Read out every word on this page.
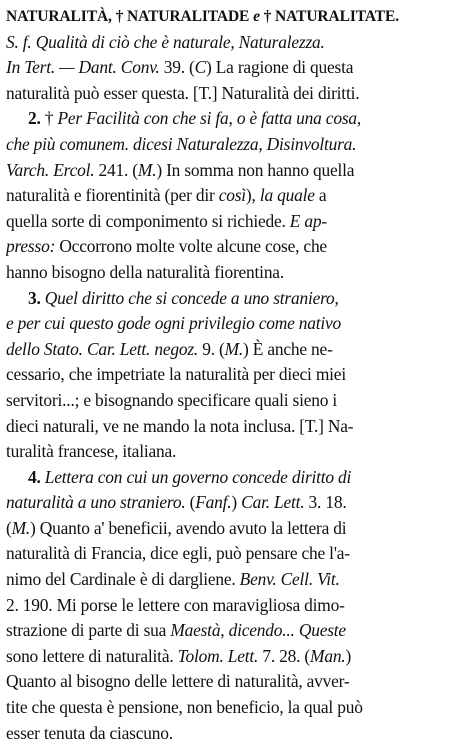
NATURALITÀ, † NATURALITADE e † NATURALITATE.
S. f. Qualità di ciò che è naturale, Naturalezza.
In Tert. — Dant. Conv. 39. (C) La ragione di questa
naturalità può esser questa. [T.] Naturalità dei diritti.
2. † Per Facilità con che si fa, o è fatta una cosa,
che più comunem. dicesi Naturalezza, Disinvoltura.
Varch. Ercol. 241. (M.) In somma non hanno quella
naturalità e fiorentinità (per dir così), la quale a
quella sorte di componimento si richiede. E ap-
presso: Occorrono molte volte alcune cose, che
hanno bisogno della naturalità fiorentina.
3. Quel diritto che si concede a uno straniero,
e per cui questo gode ogni privilegio come nativo
dello Stato. Car. Lett. negoz. 9. (M.) È anche ne-
cessario, che impetriate la naturalità per dieci miei
servitori...; e bisognando specificare quali sieno i
dieci naturali, ve ne mando la nota inclusa. [T.] Na-
turalità francese, italiana.
4. Lettera con cui un governo concede diritto di
naturalità a uno straniero. (Fanf.) Car. Lett. 3. 18.
(M.) Quanto a' beneficii, avendo avuto la lettera di
naturalità di Francia, dice egli, può pensare che l'a-
nimo del Cardinale è di dargliene. Benv. Cell. Vit.
2. 190. Mi porse le lettere con maravigliosa dimo-
strazione di parte di sua Maestà, dicendo... Queste
sono lettere di naturalità. Tolom. Lett. 7. 28. (Man.)
Quanto al bisogno delle lettere di naturalità, avver-
tite che questa è pensione, non beneficio, la qual può
esser tenuta da ciascuno.
